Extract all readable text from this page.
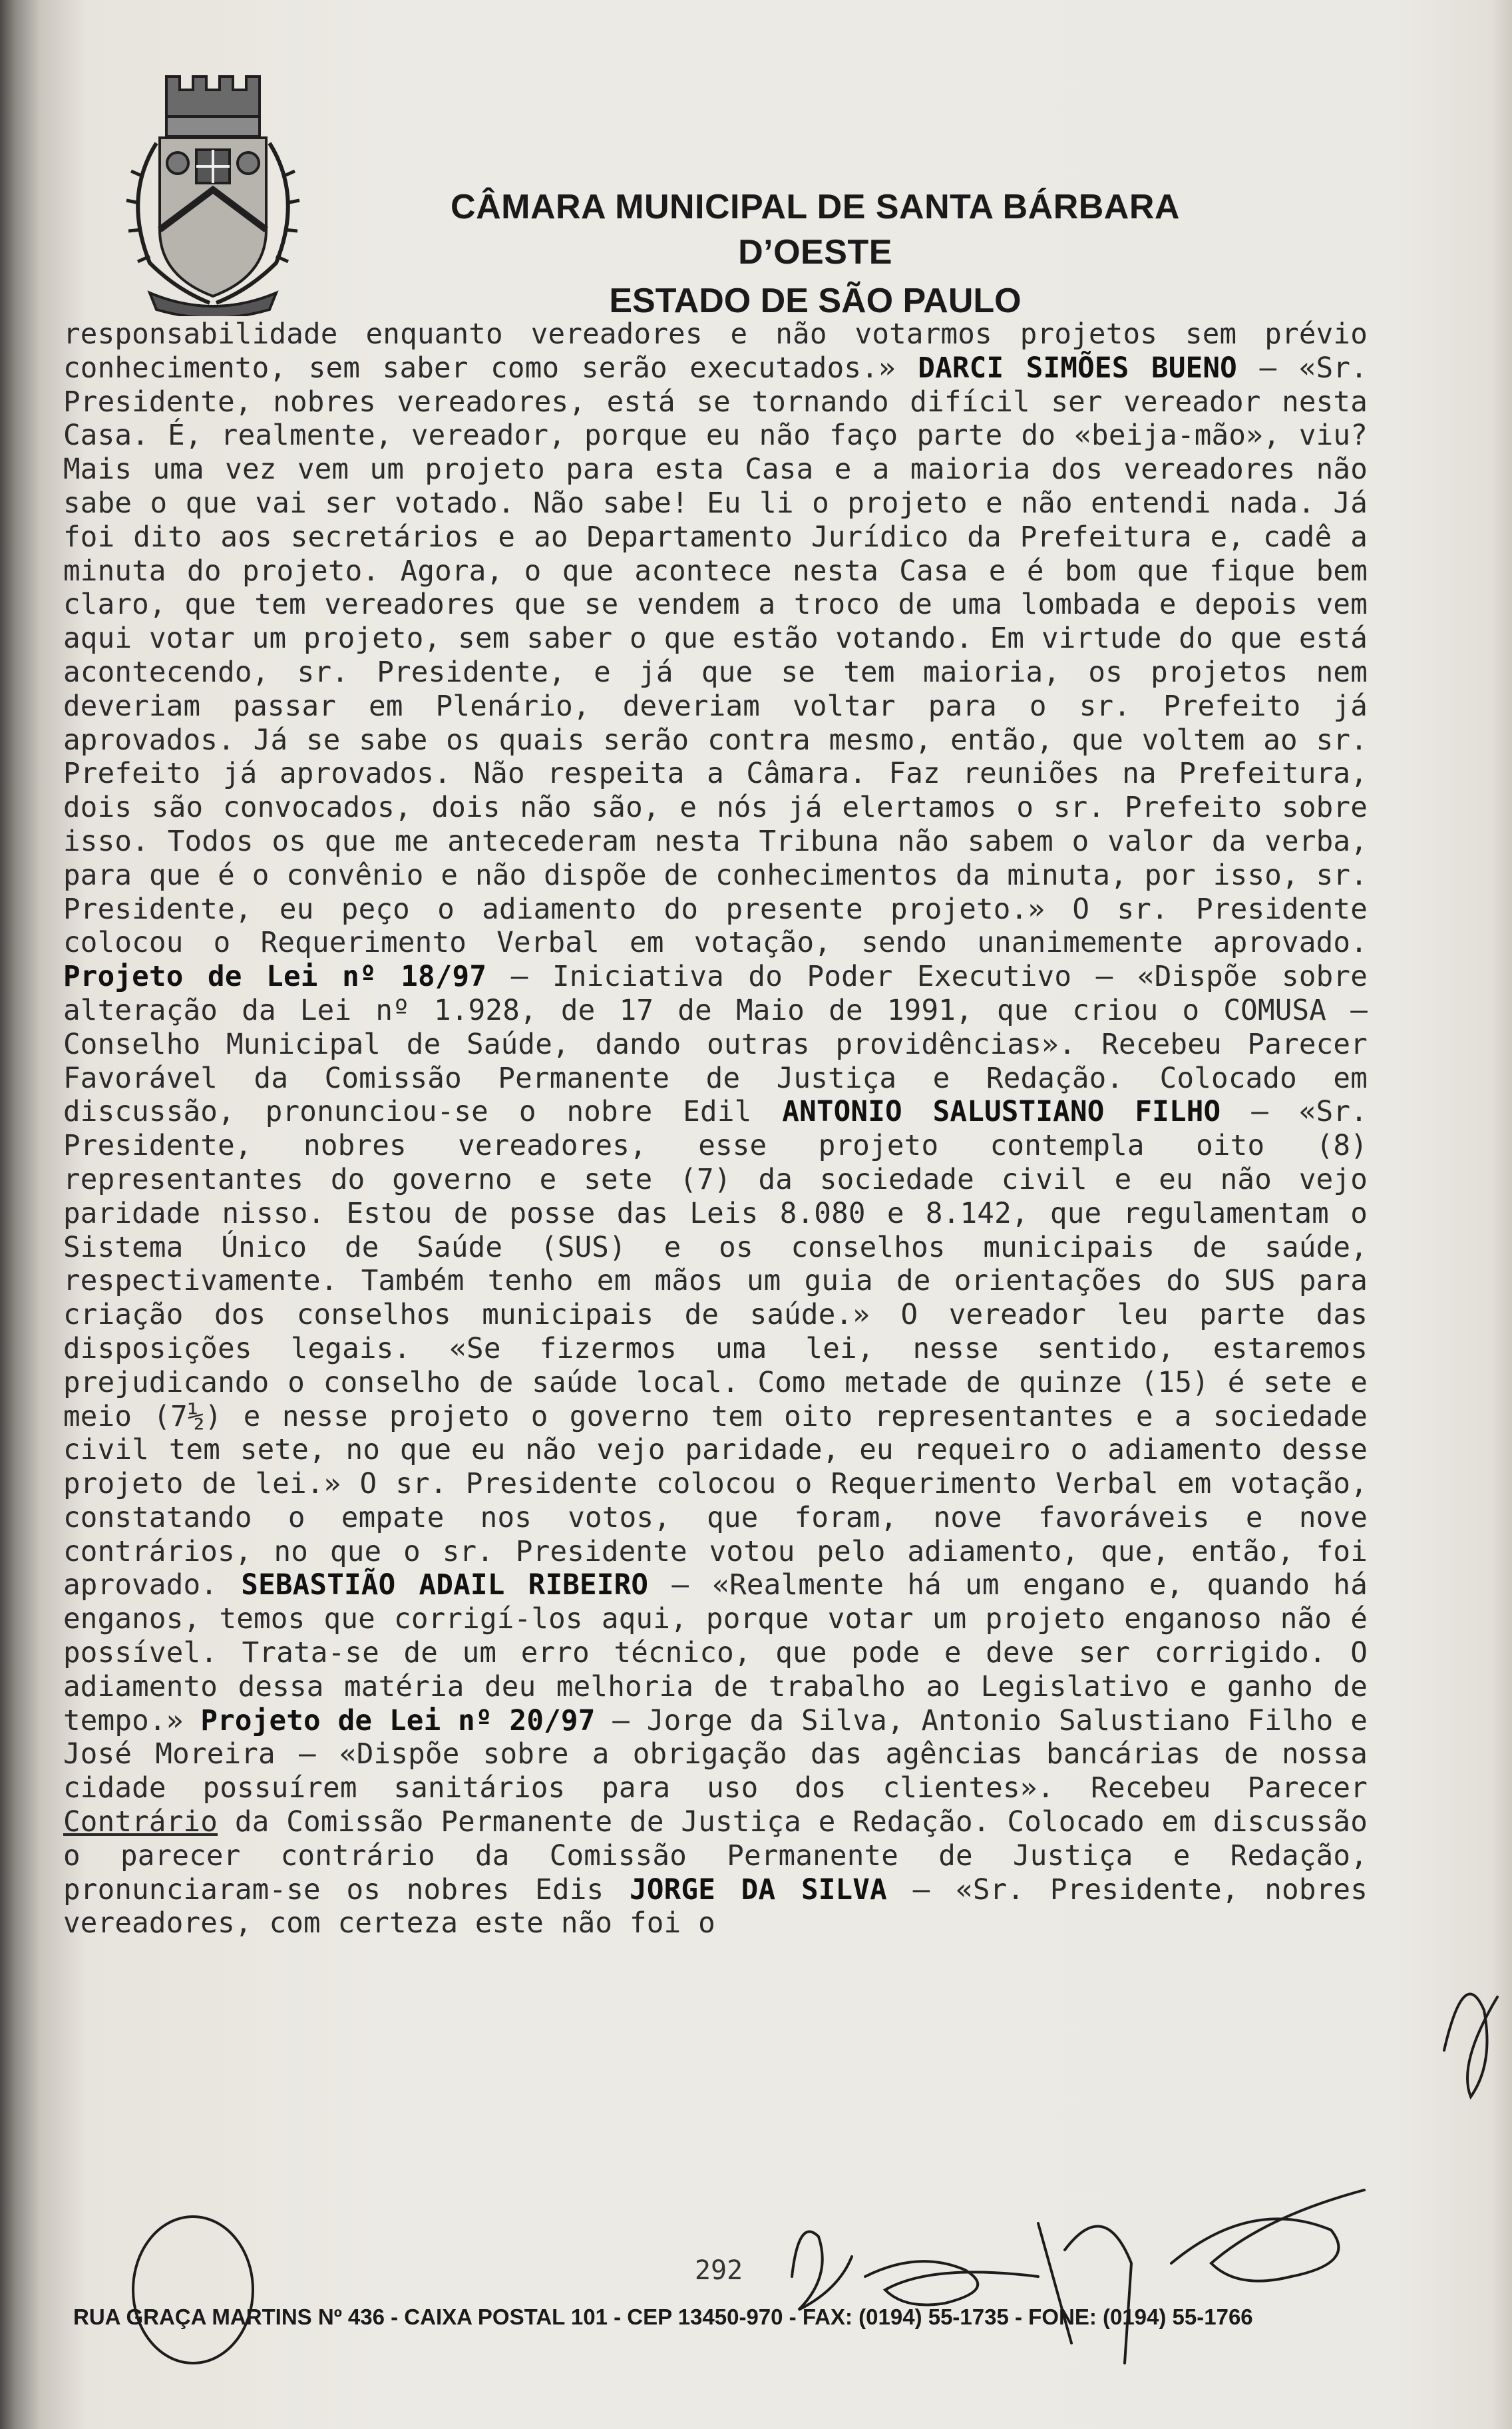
CÂMARA MUNICIPAL DE SANTA BÁRBARA D’OESTE
ESTADO DE SÃO PAULO

responsabilidade enquanto vereadores e não votarmos projetos sem prévio conhecimento, sem saber como serão executados.» DARCI SIMÕES BUENO – «Sr. Presidente, nobres vereadores, está se tornando difícil ser vereador nesta Casa. É, realmente, vereador, porque eu não faço parte do «beija-mão», viu? Mais uma vez vem um projeto para esta Casa e a maioria dos vereadores não sabe o que vai ser votado. Não sabe! Eu li o projeto e não entendi nada. Já foi dito aos secretários e ao Departamento Jurídico da Prefeitura e, cadê a minuta do projeto. Agora, o que acontece nesta Casa e é bom que fique bem claro, que tem vereadores que se vendem a troco de uma lombada e depois vem aqui votar um projeto, sem saber o que estão votando. Em virtude do que está acontecendo, sr. Presidente, e já que se tem maioria, os projetos nem deveriam passar em Plenário, deveriam voltar para o sr. Prefeito já aprovados. Já se sabe os quais serão contra mesmo, então, que voltem ao sr. Prefeito já aprovados. Não respeita a Câmara. Faz reuniões na Prefeitura, dois são convocados, dois não são, e nós já elertamos o sr. Prefeito sobre isso. Todos os que me antecederam nesta Tribuna não sabem o valor da verba, para que é o convênio e não dispõe de conhecimentos da minuta, por isso, sr. Presidente, eu peço o adiamento do presente projeto.» O sr. Presidente colocou o Requerimento Verbal em votação, sendo unanimemente aprovado. Projeto de Lei nº 18/97 – Iniciativa do Poder Executivo – «Dispõe sobre alteração da Lei nº 1.928, de 17 de Maio de 1991, que criou o COMUSA – Conselho Municipal de Saúde, dando outras providências». Recebeu Parecer Favorável da Comissão Permanente de Justiça e Redação. Colocado em discussão, pronunciou-se o nobre Edil ANTONIO SALUSTIANO FILHO – «Sr. Presidente, nobres vereadores, esse projeto contempla oito (8) representantes do governo e sete (7) da sociedade civil e eu não vejo paridade nisso. Estou de posse das Leis 8.080 e 8.142, que regulamentam o Sistema Único de Saúde (SUS) e os conselhos municipais de saúde, respectivamente. Também tenho em mãos um guia de orientações do SUS para criação dos conselhos municipais de saúde.» O vereador leu parte das disposições legais. «Se fizermos uma lei, nesse sentido, estaremos prejudicando o conselho de saúde local. Como metade de quinze (15) é sete e meio (7½) e nesse projeto o governo tem oito representantes e a sociedade civil tem sete, no que eu não vejo paridade, eu requeiro o adiamento desse projeto de lei.» O sr. Presidente colocou o Requerimento Verbal em votação, constatando o empate nos votos, que foram, nove favoráveis e nove contrários, no que o sr. Presidente votou pelo adiamento, que, então, foi aprovado. SEBASTIÃO ADAIL RIBEIRO – «Realmente há um engano e, quando há enganos, temos que corrigí-los aqui, porque votar um projeto enganoso não é possível. Trata-se de um erro técnico, que pode e deve ser corrigido. O adiamento dessa matéria deu melhoria de trabalho ao Legislativo e ganho de tempo.» Projeto de Lei nº 20/97 – Jorge da Silva, Antonio Salustiano Filho e José Moreira – «Dispõe sobre a obrigação das agências bancárias de nossa cidade possuírem sanitários para uso dos clientes». Recebeu Parecer Contrário da Comissão Permanente de Justiça e Redação. Colocado em discussão o parecer contrário da Comissão Permanente de Justiça e Redação, pronunciaram-se os nobres Edis JORGE DA SILVA – «Sr. Presidente, nobres vereadores, com certeza este não foi o

292
RUA GRAÇA MARTINS Nº 436 - CAIXA POSTAL 101 - CEP 13450-970 - FAX: (0194) 55-1735 - FONE: (0194) 55-1766
